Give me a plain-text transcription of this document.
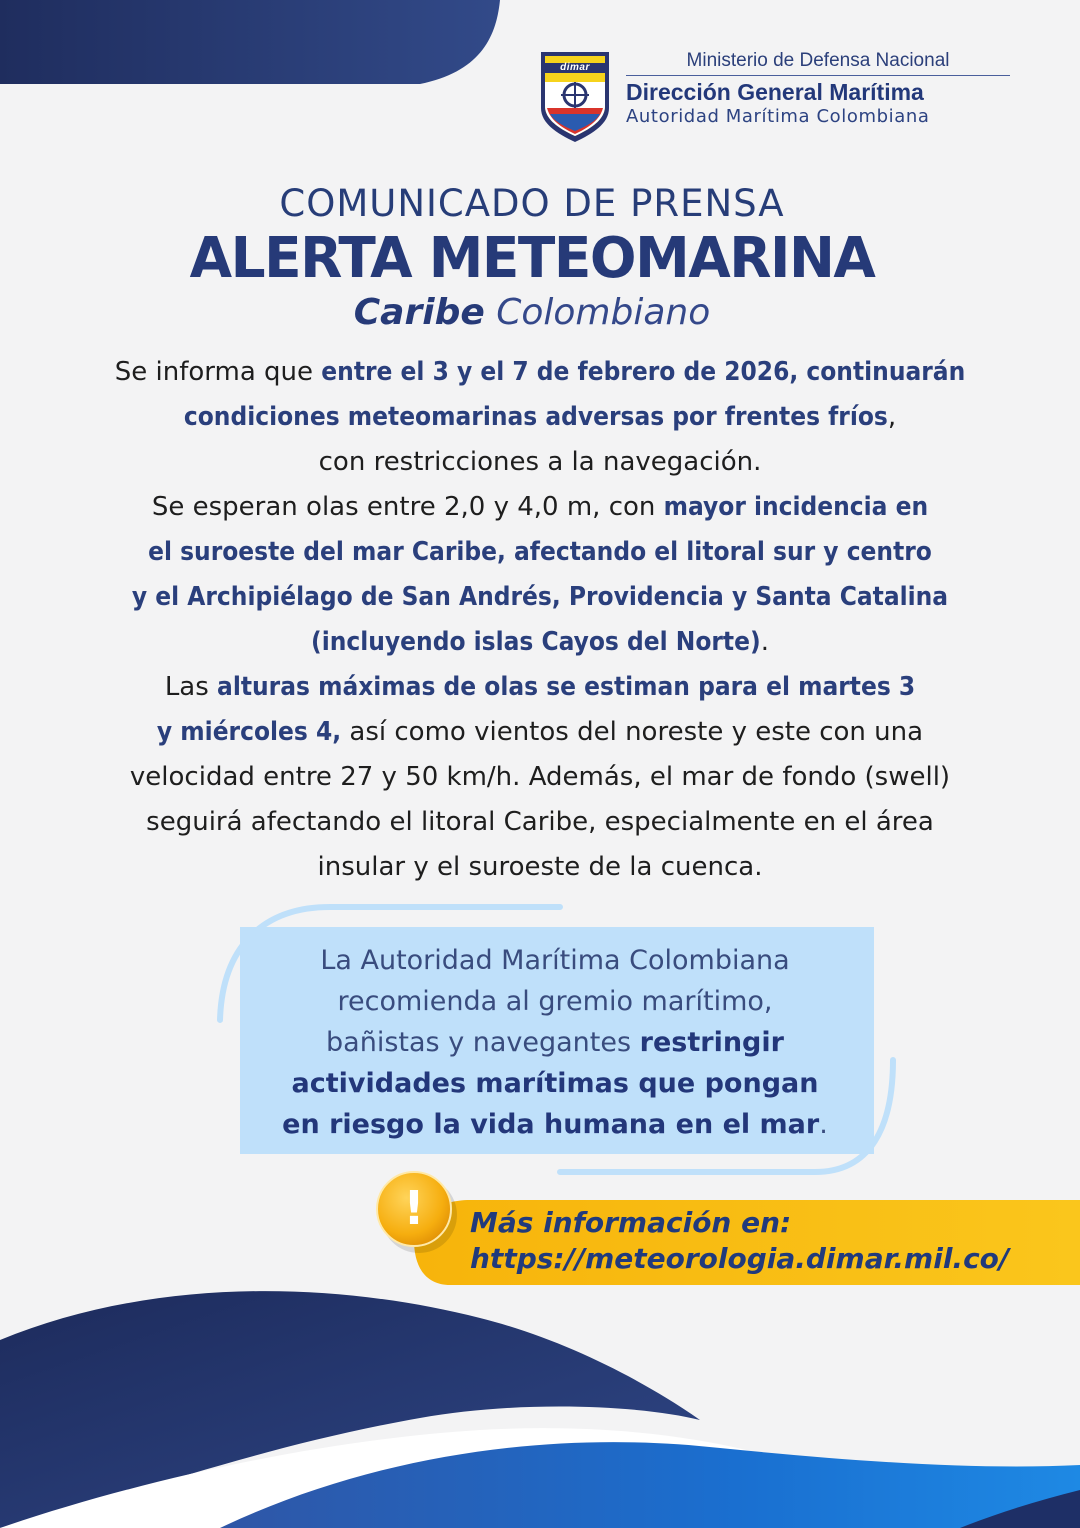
dimar	Ministerio de Defensa Nacional
Dirección General Marítima
Autoridad Marítima Colombiana
COMUNICADO DE PRENSA
ALERTA METEOMARINA
Caribe Colombiano

Se informa que entre el 3 y el 7 de febrero de 2026, continuarán

condiciones meteomarinas adversas por frentes fríos,

con restricciones a la navegación.

Se esperan olas entre 2,0 y 4,0 m, con mayor incidencia en

el suroeste del mar Caribe, afectando el litoral sur y centro

y el Archipiélago de San Andrés, Providencia y Santa Catalina

(incluyendo islas Cayos del Norte).

Las alturas máximas de olas se estiman para el martes 3

y miércoles 4, así como vientos del noreste y este con una

velocidad entre 27 y 50 km/h. Además, el mar de fondo (swell)

seguirá afectando el litoral Caribe, especialmente en el área

insular y el suroeste de la cuenca.

La Autoridad Marítima Colombiana

recomienda al gremio marítimo,

bañistas y navegantes restringir

actividades marítimas que pongan

en riesgo la vida humana en el mar.

!	Más información en:
https://meteorologia.dimar.mil.co/
